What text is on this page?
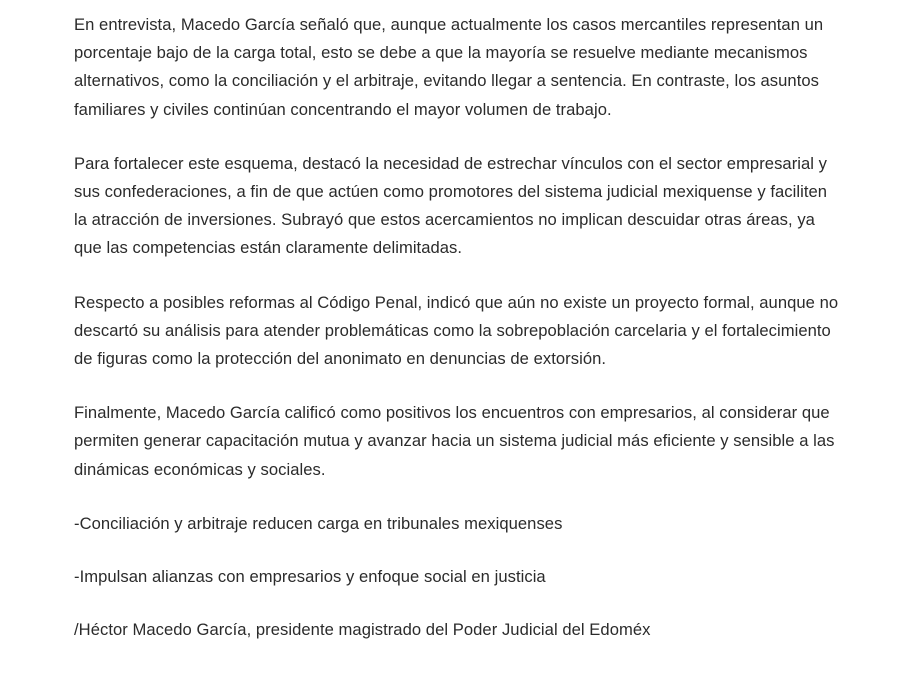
En entrevista, Macedo García señaló que, aunque actualmente los casos mercantiles representan un porcentaje bajo de la carga total, esto se debe a que la mayoría se resuelve mediante mecanismos alternativos, como la conciliación y el arbitraje, evitando llegar a sentencia. En contraste, los asuntos familiares y civiles continúan concentrando el mayor volumen de trabajo.

Para fortalecer este esquema, destacó la necesidad de estrechar vínculos con el sector empresarial y sus confederaciones, a fin de que actúen como promotores del sistema judicial mexiquense y faciliten la atracción de inversiones. Subrayó que estos acercamientos no implican descuidar otras áreas, ya que las competencias están claramente delimitadas.

Respecto a posibles reformas al Código Penal, indicó que aún no existe un proyecto formal, aunque no descartó su análisis para atender problemáticas como la sobrepoblación carcelaria y el fortalecimiento de figuras como la protección del anonimato en denuncias de extorsión.

Finalmente, Macedo García calificó como positivos los encuentros con empresarios, al considerar que permiten generar capacitación mutua y avanzar hacia un sistema judicial más eficiente y sensible a las dinámicas económicas y sociales.

-Conciliación y arbitraje reducen carga en tribunales mexiquenses

-Impulsan alianzas con empresarios y enfoque social en justicia

/Héctor Macedo García, presidente magistrado del Poder Judicial del Edoméx
